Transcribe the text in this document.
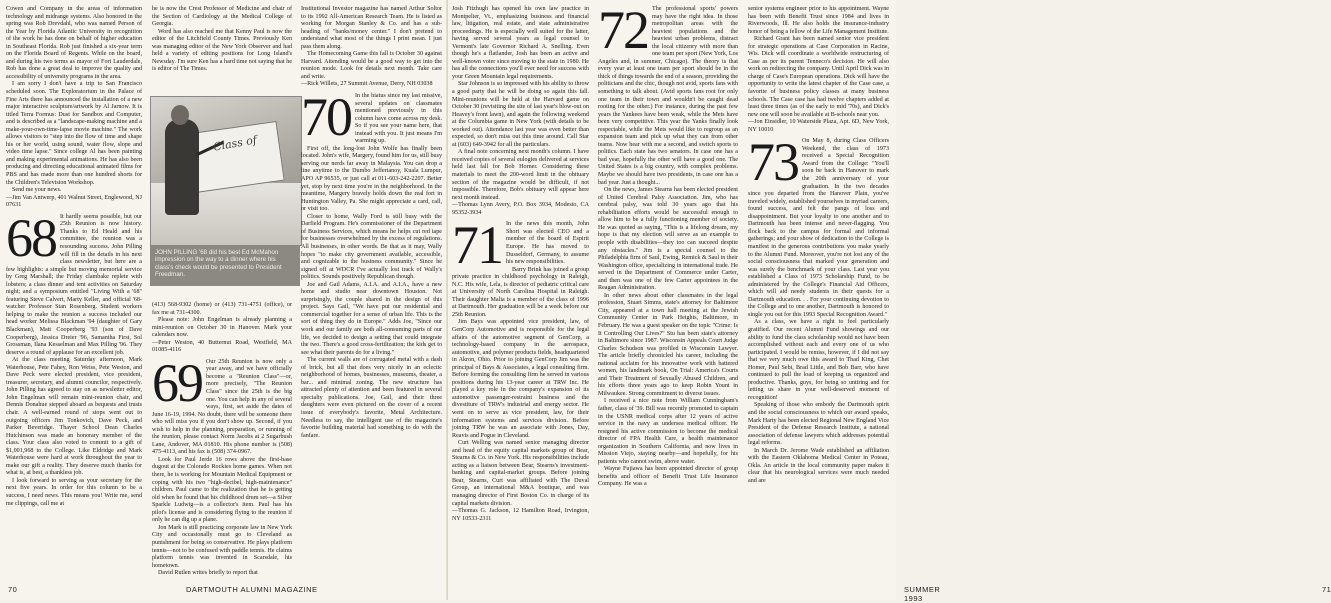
Cowen and Company in the areas of information technology and midrange systems. Also honored in the spring was Rob Drevdahl, who was named Person of the Year by Florida Atlantic University in recognition of the work he has done on behalf of higher education in Southeast Florida. Rob just finished a six-year term on the Florida Board of Regents. While on the board, and during his two terms as mayor of Fort Lauderdale, Rob has done a great deal to improve the quality and accessibility of university programs in the area.

I am sorry I don't have a trip to San Francisco scheduled soon. The Exploratorium in the Palace of Fine Arts there has announced the installation of a new major interactive sculpture/artwork by Al Jarnow. It is titled Terra Formus: Dust for Sandbox and Computer, and is described as a "landscape-making machine and a make-your-own-time-lapse movie machine." The work allows visitors to "step into the flow of time and shape his or her world, using sound, water flow, slope and video time lapse." Since college Al has been painting and making experimental animations. He has also been producing and directing educational animated films for PBS and has made more than one hundred shorts for the Children's Television Workshop.

Send me your news.

—Jim Van Antwerp, 401 Walnut Street, Englewood, NJ 07631

68 It hardly seems possible, but our 25th Reunion is now history. Thanks to Ed Heald and his committee, the reunion was a resounding success. John Pilling will fill in the details in his next class newsletter, but here are a few highlights: a simple but moving memorial service by Greg Marshall; the Friday clambake replete with lobsters; a class dinner and tent activities on Saturday night; and a symposium entitled "Living With a '68" featuring Steve Calvert, Marty Keller, and official '68-watcher Professor Stan Rosenberg. Student workers helping to make the reunion a success included our head worker Melissa Blackman '94 (daughter of Gary Blackman), Matt Cooperberg '93 (son of Dave Cooperberg), Jessica Dreier '96, Samantha First, Sol Grossman, Ilana Kesselman and Max Pilling '96. They deserve a round of applause for an excellent job.

At the class meeting Saturday afternoon, Mark Waterhouse, Pete Fahey, Ron Weiss, Pete Weston, and Dave Peck were elected president, vice president, treasurer, secretary, and alumni councilor, respectively. John Pilling has agreed to stay on as newsletter editor, John Engelman will remain mini-reunion chair, and Dennis Donahue stepped aboard as bequests and trusts chair. A well-earned round of stops went out to outgoing officers Jim Tonkovich, Dave Peck, and Parker Beveridge. Thayer School Dean Charles Hutchinson was made an honorary member of the class. Your class also voted to commit to a gift of $1,001,968 to the College. Like Eldridge and Mark Waterhouse were hard at work throughout the year to make our gift a reality. They deserve much thanks for what is, at best, a thankless job.

I look forward to serving as your secretary for the next five years. In order for this column to be a success, I need news. This means you! Write me, send me clippings, call me at

he is now the Crest Professor of Medicine and chair of the Section of Cardiology at the Medical College of Georgia.

Word has also reached me that Kenny Paul is now the editor of the Litchfield County Times. Previously Ken was managing editor of the New York Observer and had held a variety of editing positions for Long Island's Newsday. I'm sure Ken has a hard time not saying that he is editor of The Times.

(413) 568-9302 (home) or (413) 731-4751 (office), or fax me at 731-4300.

Please note: John Engelman is already planning a mini-reunion on October 30 in Hanover. Mark your calendars now.

—Peter Weston, 40 Butternut Road, Westfield, MA 01085-4116

69 Our 25th Reunion is now only a year away, and we have officially become a "Reunion Class"—or, more precisely, "The Reunion Class" since the 25th is the big one. You can help in any of several ways, first, set aside the dates of June 16-19, 1994. No doubt, there will be someone there who will miss you if you don't show up. Second, if you wish to help in the planning, preparation, or running of the reunion, please contact Norm Jacobs at 2 Sugarbush Lane, Andover, MA 01810. His phone number is (508) 475-4113, and his fax is (508) 374-0967.

Look for Paul Jerde 16 rows above the first-base dugout at the Colorado Rockies home games. When not there, he is working for Mountain Medical Equipment or coping with his two "high-decibel, high-maintenance" children. Paul came to the realization that he is getting old when he found that his childhood drum set—a Silver Sparkle Ludwig—is a collector's item. Paul has his pilot's license and is considering flying to the reunion if only he can dig up a plane.

Jon Mark is still practicing corporate law in New York City and occasionally must go to Cleveland as punishment for being so conservative. He plays platform tennis—not to be confused with paddle tennis. He claims platform tennis was invented in Scarsdale, his hometown.

David Rutlen writes briefly to report that

Class of
JOHN PILLING '68 did his best Ed McMahon impression on the way to a dinner where his class's check would be presented to President Freedman.

Institutional Investor magazine has named Arthur Soltor to its 1992 All-American Research Team. He is listed as working for Morgan Stanley & Co. and has a sub-heading of "banks/money center." I don't pretend to understand what most of the things I print mean. I just pass them along.

The Homecoming Game this fall is October 30 against Harvard. Attending would be a good way to get into the reunion mode. Look for details next month. Take care and write.

—Rick Willets, 27 Summit Avenue, Derry, NH 03038

70 In the hiatus since my last missive, several updates on classmates mentioned previously in this column have come across my desk. So if you see your name here, that instead with you. It just means I'm warming up.

First off, the long-lost John Wolfe has finally been located. John's wife, Margery, found him for us, still busy serving our nerds far away in Malaysia. You can drop a line anytime to the Dumbo Jeffertanoy, Kuala Lumpur, APO AP 96535, or just call at 011-603-242-2207. Better yet, stop by next time you're in the neighborhood. In the meantime, Margery bravely holds down the real fort in Huntington Valley, Pa. She might appreciate a card, call, or visit too.

Closer to home, Wally Ford is still busy with the Darfield Program. He's commissioner of the Department of Business Services, which means he helps cut red tape for businesses overwhelmed by the excess of regulations. All businesses, in other words. Be that as it may, Wally hopes "to make city government available, accessible, and cognizable to the business community." Since he signed off at WDCR I've actually lost track of Wally's politics. Sounds positively Republican though.

Joe and Gail Adams, A.I.A. and A.I.A., have a new home and studio near downtown Houston. Not surprisingly, the couple shared in the design of this project. Says Gail, "We have put our residential and commercial together for a sense of urban life. This is the sort of thing they do in Europe." Adds Joe, "Since our work and our family are both all-consuming parts of our life, we decided to design a setting that could integrate the two. There's a good cross-fertilization; the kids get to see what their parents do for a living."

The current walls are of corrugated metal with a dash of brick, but all that does very nicely in an eclectic neighborhood of homes, businesses, museums, theater, a bar... and minimal zoning. The new structure has attracted plenty of attention and been featured in several specialty publications. Joe, Gail, and their three daughters were even pictured on the cover of a recent issue of everybody's favorite, Metal Architecture. Needless to say, the intelligent use of the magazine's favorite building material had something to do with the fanfare.

70	DARTMOUTH ALUMNI MAGAZINE

Josh Fitzhugh has opened his own law practice in Montpelier, Vt., emphasizing business and financial law, litigation, real estate, and state administrative proceedings. He is especially well suited for the latter, having served several years as legal counsel to Vermont's late Governor Richard A. Snelling. Even though he's a flatlander, Josh has been an active and well-known voter since moving to the state in 1980. He has all the connections you'll ever need for success with your Green Mountain legal requirements.

Star Johnson is so impressed with his ability to throw a good party that he will be doing so again this fall. Mini-reunions will be held at the Harvard game on October 30 (revisiting the site of last year's blow-out on Heavey's front lawn), and again the following weekend at the Columbia game in New York (with details to be worked out). Attendance last year was even better than expected, so don't miss out this time around. Call Star at (603) 649-3942 for all the particulars.

A final note concerning next month's column. I have received copies of several eulogies delivered at services held last fall for Bob Horner. Considering these materials to meet the 200-word limit in the obituary section of the magazine would be difficult, if not impossible. Therefore, Bob's obituary will appear here next month instead.

—Thomas Lynn Avery, P.O. Box 3934, Modesto, CA 95352-3934

71 In the news this month, John Short was elected CEO and a member of the board of Espirit Europe. He has moved to Dusseldorf, Germany, to assume his new responsibilities.

Barry Brink has joined a group private practice in childhood psychology in Raleigh, N.C. His wife, Lela, is director of pediatric critical care at University of North Carolina Hospital in Raleigh. Their daughter Malia is a member of the class of 1996 at Dartmouth. Her graduation will be a week before our 25th Reunion.

Jim Bays was appointed vice president, law, of GenCorp Automotive and is responsible for the legal affairs of the automotive segment of GenCorp, a technology-based company in the aerospace, automotive, and polymer products fields, headquartered in Akron, Ohio. Prior to joining GenCorp Jim was the principal of Bays & Associates, a legal consulting firm. Before forming the consulting firm he served in various positions during his 13-year career at TRW Inc. He played a key role in the company's expansion of its automotive passenger-restraint business and the divestiture of TRW's industrial and energy sector. He went on to serve as vice president, law, for their information systems and services division. Before joining TRW he was an associate with Jones, Day, Reavis and Pogue in Cleveland.

Curt Welling was named senior managing director and head of the equity capital markets group of Bear, Stearns & Co. in New York. His responsibilities include acting as a liaison between Bear, Stearns's investment-banking and capital-market groups. Before joining Bear, Stearns, Curt was affiliated with The Duval Group, an international M&A boutique, and was managing director of First Boston Co. in charge of its capital markets division.

—Thomas G. Jackson, 12 Hamilton Road, Irvington, NY 10533-2311

72 The professional sports' powers may have the right idea. In those metropolitan areas with the heaviest populations and the heaviest urban problems, distract the local citizenry with more than one team per sport (New York, Los Angeles and, in summer, Chicago). The theory is that every year at least one team per sport should be in the thick of things towards the end of a season, providing the politicians and the chic, though not avid, sports fans with something to talk about. (Avid sports fans root for only one team in their town and wouldn't be caught dead rooting for the other.) For instance, during the past few years the Yankees have been weak, while the Mets have been very competitive. This year the Yanks finally look respectable, while the Mets would like to regroup as an expansion team and pick up what they can from other teams. Now hear with me a second, and switch sports to politics. Each state has two senators. In case one has a bad year, hopefully the other will have a good one. The United States is a big country, with complex problems. Maybe we should have two presidents, in case one has a bad year. Just a thought...

On the news, James Stearns has been elected president of United Cerebral Palsy Association. Jim, who has cerebral palsy, was told 30 years ago that his rehabilitation efforts would be successful enough to allow him to be a fully functioning member of society. He was quoted as saying, "This is a lifelong dream, my hope is that my election will serve as an example to people with disabilities—they too can succeed despite any obstacles." Jim is a special counsel to the Philadelphia firm of Saul, Ewing, Remick & Saul in their Washington office, specializing in international trade. He served in the Department of Commerce under Carter, and then was one of the few Carter appointees in the Reagan Administration.

In other news about other classmates in the legal profession, Stuart Simms, state's attorney for Baltimore City, appeared at a town hall meeting at the Jewish Community Center in Park Heights, Baltimore, in February. He was a guest speaker on the topic "Crime: Is It Controlling Our Lives?" Stu has been state's attorney in Baltimore since 1987. Wisconsin Appeals Court Judge Charles Schudson was profiled in Wisconsin Lawyer. The article briefly chronicled his career, including the national acclaim for his innovative work with battered women, his landmark book, On Trial: America's Courts and Their Treatment of Sexually Abused Children, and his efforts three years ago to keep Robin Yount in Milwaukee. Strong commitment to diverse issues.

I received a nice note from William Cunningham's father, class of '39. Bill was recently promoted to captain in the USNR medical corps after 12 years of active service in the navy as undersea medical officer. He resigned his active commission to become the medical director of FPA Health Care, a health maintenance organization in Southern California, and now lives in Mission Viejo, staying nearby—and hopefully, for his patients who cannot swim, above water.

Wayne Fujiawa has been appointed director of group benefits and officer of Benefit Trust Life Insurance Company. He was a

senior systems engineer prior to his appointment. Wayne has been with Benefit Trust since 1984 and lives in Riverwoods, Ill. He also holds the insurance-industry honor of being a fellow of the Life Management Institute.

Richard Grant has been named senior vice president for strategic operations at Case Corporation in Racine, Wis. Dick will coordinate a worldwide restructuring of Case as per its parent Tenneco's decision. He will also work on redirecting the company. Until April Dick was in charge of Case's European operations. Dick will have the opportunity to write the latest chapter of the Case case, a favorite of business policy classes at many business schools. The Case case has had twelve chapters added at least three times (as of the early to mid '70s), and Dick's new one will soon be available at B-schools near you.

—Jon Einsidler, 10 Waterside Plaza, Apt. 6D, New York, NY 10010

73 On May 8, during Class Officers Weekend, the class of 1973 received a Special Recognition Award from the College: "You'll soon be back in Hanover to mark the 20th anniversary of your graduation. In the two decades since you departed from the Hanover Plain, you've traveled widely, established yourselves in myriad careers, found success, and felt the pangs of loss and disappointment. But your loyalty to one another and to Dartmouth has been intense and never-flagging. You flock back to the campus for formal and informal gatherings; and your show of dedication to the College is manifest in the generous contributions you make yearly to the Alumni Fund. Moreover, you're not lost any of the social consciousness that marked your generation and was surely the benchmark of your class. Last year you established a Class of 1973 Scholarship Fund, to be administered by the College's Financial Aid Officers, which will aid needy students in their quests for a Dartmouth education. . . For your continuing devotion to the College and to one another, Dartmouth is honored to single you out for this 1993 Special Recognition Award."

As a class, we have a right to feel particularly gratified. Our recent Alumni Fund showings and our ability to fund the class scholarship would not have been accomplished without each and every one of us who participated. I would be remiss, however, if I did not say that we very much owe this award to Thad King, Chet Homer, Paul Sebi, Brad Little, and Bob Barr, who have continued to pull the load of keeping us organized and productive. Thanks, guys, for being so untiring and for letting us share in your well-deserved moment of recognition!

Speaking of those who embody the Dartmouth spirit and the social consciousness to which our award speaks, Mark Harty has been elected Regional New England Vice President of the Defense Research Institute, a national association of defense lawyers which addresses potential legal reforms.

In March Dr. Jerome Wade established an affiliation with the Eastern Oklahoma Medical Center in Poteau, Okla. An article in the local community paper makes it clear that his neurological services were much needed and are

SUMMER 1993
71
